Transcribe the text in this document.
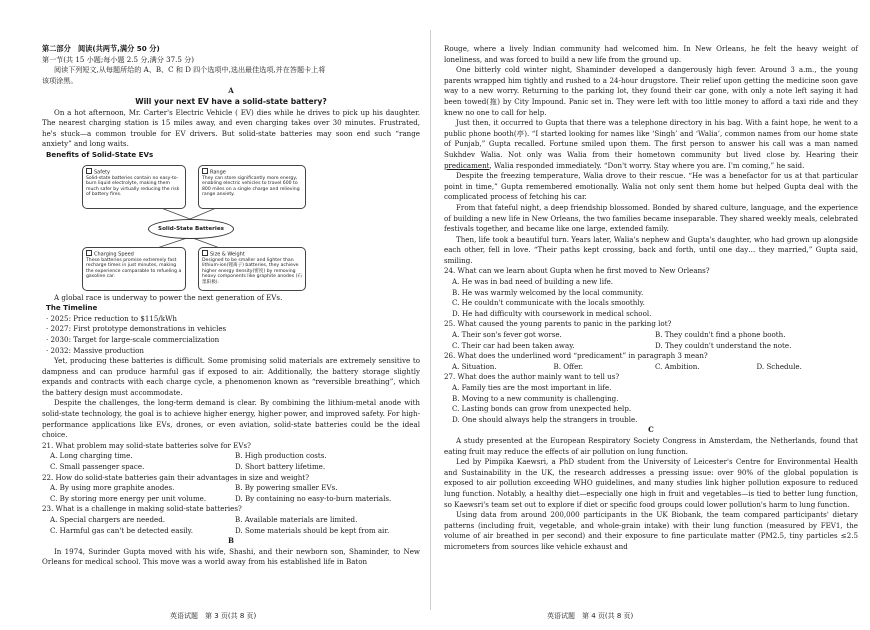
第二部分　阅读(共两节,满分 50 分)

第一节(共 15 小题;每小题 2.5 分,满分 37.5 分)

阅读下列短文,从每题所给的 A、B、C 和 D 四个选项中,选出最佳选项,并在答题卡上将

该项涂黑。

A

Will your next EV have a solid-state battery?

On a hot afternoon, Mr. Carter's Electric Vehicle ( EV) dies while he drives to pick up his daughter. The nearest charging station is 15 miles away, and even charging takes over 30 minutes. Frustrated, he's stuck—a common trouble for EV drivers. But solid-state batteries may soon end such “range anxiety” and long waits.

Benefits of Solid-State EVs

Safety
Solid-state batteries contain no easy-to-burn liquid electrolyte, making them much safer by virtually reducing the risk of battery fires.
Range
They can store significantly more energy, enabling electric vehicles to travel 600 to 800 miles on a single charge and relieving range anxiety.
Solid-State Batteries
Charging Speed
These batteries promise extremely fast recharge times in just minutes, making the experience comparable to refueling a gasoline car.
Size & Weight
Designed to be smaller and lighter than lithium-ion(锂离子) batteries, they achieve higher energy density(密度) by removing heavy components like graphite anodes (石墨阳极).

A global race is underway to power the next generation of EVs.

The Timeline

· 2025: Price reduction to $115/kWh

· 2027: First prototype demonstrations in vehicles

· 2030: Target for large-scale commercialization

· 2032: Massive production

Yet, producing these batteries is difficult. Some promising solid materials are extremely sensitive to dampness and can produce harmful gas if exposed to air. Additionally, the battery storage slightly expands and contracts with each charge cycle, a phenomenon known as “reversible breathing”, which the battery design must accommodate.

Despite the challenges, the long-term demand is clear. By combining the lithium-metal anode with solid-state technology, the goal is to achieve higher energy, higher power, and improved safety. For high-performance applications like EVs, drones, or even aviation, solid-state batteries could be the ideal choice.

21. What problem may solid-state batteries solve for EVs?

A. Long charging time.	B. High production costs.
C. Small passenger space.	D. Short battery lifetime.

22. How do solid-state batteries gain their advantages in size and weight?

A. By using more graphite anodes.	B. By powering smaller EVs.
C. By storing more energy per unit volume.	D. By containing no easy-to-burn materials.

23. What is a challenge in making solid-state batteries?

A. Special chargers are needed.	B. Available materials are limited.
C. Harmful gas can't be detected easily.	D. Some materials should be kept from air.

B

In 1974, Surinder Gupta moved with his wife, Shashi, and their newborn son, Shaminder, to New Orleans for medical school. This move was a world away from his established life in Baton

英语试题　第 3 页(共 8 页)

Rouge, where a lively Indian community had welcomed him. In New Orleans, he felt the heavy weight of loneliness, and was forced to build a new life from the ground up.

One bitterly cold winter night, Shaminder developed a dangerously high fever. Around 3 a.m., the young parents wrapped him tightly and rushed to a 24-hour drugstore. Their relief upon getting the medicine soon gave way to a new worry. Returning to the parking lot, they found their car gone, with only a note left saying it had been towed(拖) by City Impound. Panic set in. They were left with too little money to afford a taxi ride and they knew no one to call for help.

Just then, it occurred to Gupta that there was a telephone directory in his bag. With a faint hope, he went to a public phone booth(亭). “I started looking for names like ‘Singh’ and ‘Walia’, common names from our home state of Punjab,” Gupta recalled. Fortune smiled upon them. The first person to answer his call was a man named Sukhdev Walia. Not only was Walia from their hometown community but lived close by. Hearing their predicament, Walia responded immediately. “Don't worry. Stay where you are. I'm coming,” he said.

Despite the freezing temperature, Walia drove to their rescue. “He was a benefactor for us at that particular point in time,” Gupta remembered emotionally. Walia not only sent them home but helped Gupta deal with the complicated process of fetching his car.

From that fateful night, a deep friendship blossomed. Bonded by shared culture, language, and the experience of building a new life in New Orleans, the two families became inseparable. They shared weekly meals, celebrated festivals together, and became like one large, extended family.

Then, life took a beautiful turn. Years later, Walia's nephew and Gupta's daughter, who had grown up alongside each other, fell in love. “Their paths kept crossing, back and forth, until one day… they married,” Gupta said, smiling.

24. What can we learn about Gupta when he first moved to New Orleans?

A. He was in bad need of building a new life.

B. He was warmly welcomed by the local community.

C. He couldn't communicate with the locals smoothly.

D. He had difficulty with coursework in medical school.

25. What caused the young parents to panic in the parking lot?

A. Their son's fever got worse.	B. They couldn't find a phone booth.
C. Their car had been taken away.	D. They couldn't understand the note.

26. What does the underlined word “predicament” in paragraph 3 mean?

A. Situation.	B. Offer.	C. Ambition.	D. Schedule.

27. What does the author mainly want to tell us?

A. Family ties are the most important in life.

B. Moving to a new community is challenging.

C. Lasting bonds can grow from unexpected help.

D. One should always help the strangers in trouble.

C

A study presented at the European Respiratory Society Congress in Amsterdam, the Netherlands, found that eating fruit may reduce the effects of air pollution on lung function.

Led by Pimpika Kaewsri, a PhD student from the University of Leicester's Centre for Environmental Health and Sustainability in the UK, the research addresses a pressing issue: over 90% of the global population is exposed to air pollution exceeding WHO guidelines, and many studies link higher pollution exposure to reduced lung function. Notably, a healthy diet—especially one high in fruit and vegetables—is tied to better lung function, so Kaewsri's team set out to explore if diet or specific food groups could lower pollution's harm to lung function.

Using data from around 200,000 participants in the UK Biobank, the team compared participants' dietary patterns (including fruit, vegetable, and whole-grain intake) with their lung function (measured by FEV1, the volume of air breathed in per second) and their exposure to fine particulate matter (PM2.5, tiny particles ≤2.5 micrometers from sources like vehicle exhaust and

英语试题　第 4 页(共 8 页)
